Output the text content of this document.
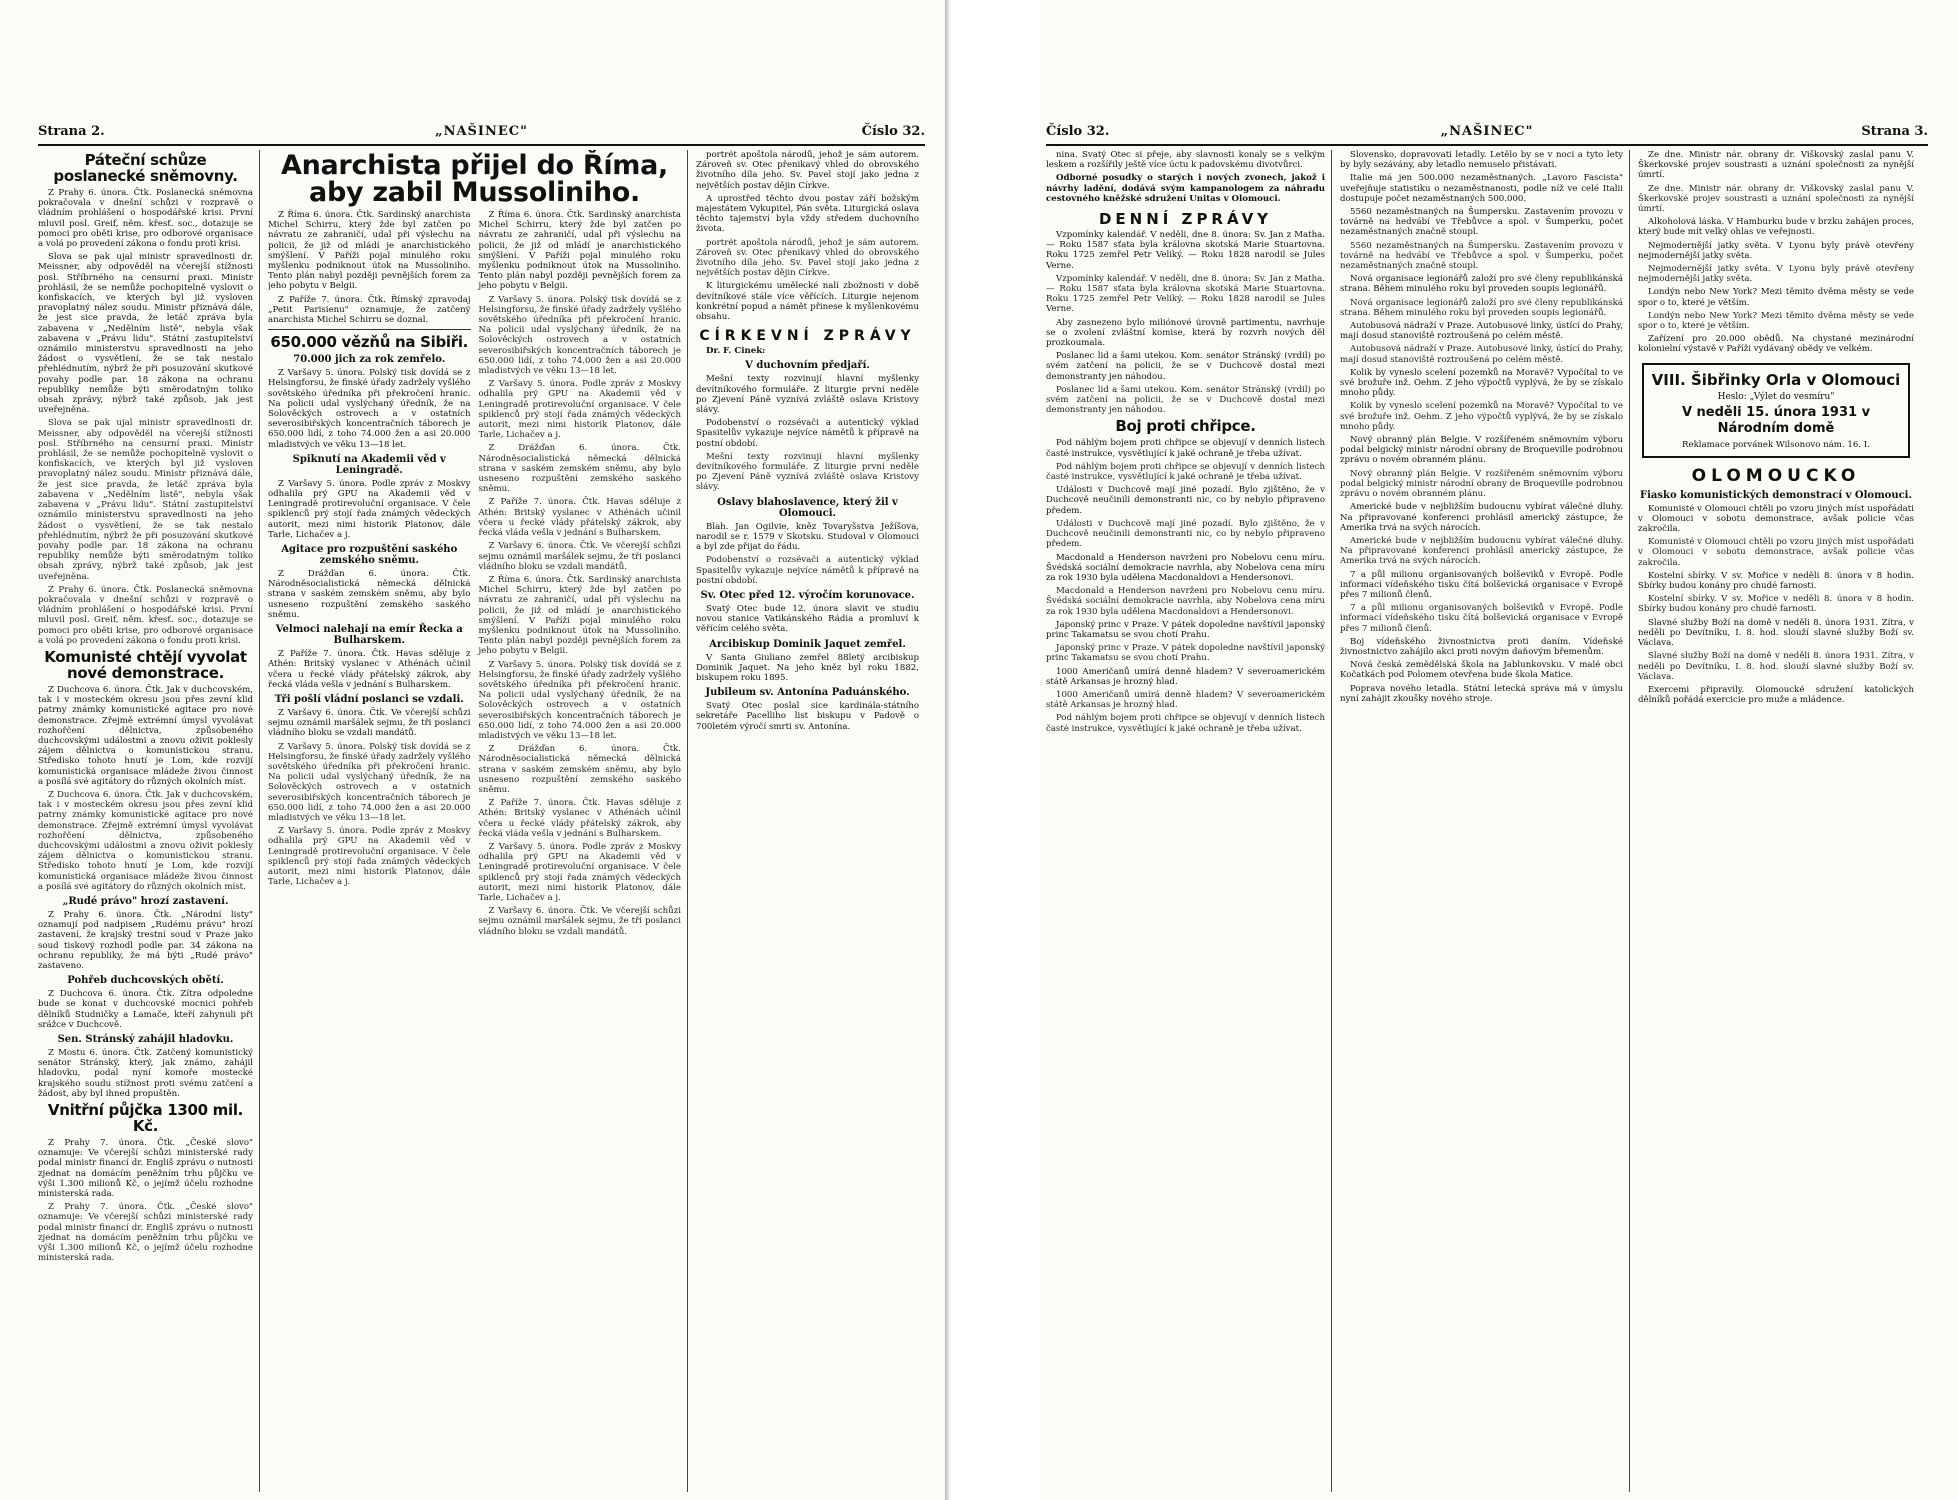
Strana 2.	„NAŠINEC"	Číslo 32.
Páteční schůze poslanecké sněmovny.

Z Prahy 6. února. Čtk. Poslanecká sněmovna pokračovala v dnešní schůzi v rozpravě o vládním prohlášení o hospodářské krisi. První mluvil posl. Greif, něm. křesť. soc., dotazuje se pomoci pro oběti krise, pro odborové organisace a volá po provedení zákona o fondu proti krisi.

Slova se pak ujal ministr spravedlnosti dr. Meissner, aby odpověděl na včerejší stížnosti posl. Stříbrného na censurní praxi. Ministr prohlásil, že se nemůže pochopitelně vyslovit o konfiskacích, ve kterých byl již vysloven pravoplatný nález soudu. Ministr přiznává dále, že jest sice pravda, že letáč zpráva byla zabavena v „Nedělním listě", nebyla však zabavena v „Právu lidu". Státní zastupitelství oznámilo ministerstvu spravedlnosti na jeho žádost o vysvětlení, že se tak nestalo přehlédnutím, nýbrž že při posuzování skutkové povahy podle par. 18 zákona na ochranu republiky nemůže býti směrodatným toliko obsah zprávy, nýbrž také způsob, jak jest uveřejněna.

Slova se pak ujal ministr spravedlnosti dr. Meissner, aby odpověděl na včerejší stížnosti posl. Stříbrného na censurní praxi. Ministr prohlásil, že se nemůže pochopitelně vyslovit o konfiskacích, ve kterých byl již vysloven pravoplatný nález soudu. Ministr přiznává dále, že jest sice pravda, že letáč zpráva byla zabavena v „Nedělním listě", nebyla však zabavena v „Právu lidu". Státní zastupitelství oznámilo ministerstvu spravedlnosti na jeho žádost o vysvětlení, že se tak nestalo přehlédnutím, nýbrž že při posuzování skutkové povahy podle par. 18 zákona na ochranu republiky nemůže býti směrodatným toliko obsah zprávy, nýbrž také způsob, jak jest uveřejněna.

Z Prahy 6. února. Čtk. Poslanecká sněmovna pokračovala v dnešní schůzi v rozpravě o vládním prohlášení o hospodářské krisi. První mluvil posl. Greif, něm. křesť. soc., dotazuje se pomoci pro oběti krise, pro odborové organisace a volá po provedení zákona o fondu proti krisi.

Komunisté chtějí vyvolat nové demonstrace.

Z Duchcova 6. února. Čtk. Jak v duchcovském, tak i v mosteckém okresu jsou přes zevní klid patrny známky komunistické agitace pro nové demonstrace. Zřejmě extrémní úmysl vyvolávat rozhořčení dělnictva, způsobeného duchcovskými událostmi a znovu oživit poklesly zájem dělnictva o komunistickou stranu. Středisko tohoto hnutí je Lom, kde rozvíjí komunistická organisace mládeže živou činnost a posílá své agitátory do různých okolních míst.

Z Duchcova 6. února. Čtk. Jak v duchcovském, tak i v mosteckém okresu jsou přes zevní klid patrny známky komunistické agitace pro nové demonstrace. Zřejmě extrémní úmysl vyvolávat rozhořčení dělnictva, způsobeného duchcovskými událostmi a znovu oživit poklesly zájem dělnictva o komunistickou stranu. Středisko tohoto hnutí je Lom, kde rozvíjí komunistická organisace mládeže živou činnost a posílá své agitátory do různých okolních míst.

„Rudé právo" hrozí zastavení.

Z Prahy 6. února. Čtk. „Národní listy" oznamují pod nadpisem „Rudému právu" hrozí zastavení, že krajský trestní soud v Praze jako soud tiskový rozhodl podle par. 34 zákona na ochranu republiky, že má býti „Rudé právo" zastaveno.

Pohřeb duchcovských obětí.

Z Duchcova 6. února. Čtk. Zítra odpoledne bude se konat v duchcovské mocnici pohřeb dělníků Studničky a Lamače, kteří zahynuli při srážce v Duchcově.

Sen. Stránský zahájil hladovku.

Z Mostu 6. února. Čtk. Zatčený komunistický senátor Stránský, který, jak známo, zahájil hladovku, podal nyní komoře mostecké krajského soudu stížnost proti svému zatčení a žádost, aby byl ihned propuštěn.

Vnitřní půjčka 1300 mil. Kč.

Z Prahy 7. února. Čtk. „České slovo" oznamuje: Ve včerejší schůzi ministerské rady podal ministr financí dr. Engliš zprávu o nutnosti zjednat na domácím peněžním trhu půjčku ve výši 1.300 milionů Kč, o jejímž účelu rozhodne ministerská rada.

Z Prahy 7. února. Čtk. „České slovo" oznamuje: Ve včerejší schůzi ministerské rady podal ministr financí dr. Engliš zprávu o nutnosti zjednat na domácím peněžním trhu půjčku ve výši 1.300 milionů Kč, o jejímž účelu rozhodne ministerská rada.

Anarchista přijel do Říma, aby zabil Mussoliniho.

Z Říma 6. února. Čtk. Sardinský anarchista Michel Schirru, který žde byl zatčen po návratu ze zahraničí, udal při výslechu na policii, že již od mládí je anarchistického smýšlení. V Paříži pojal minulého roku myšlenku podniknout útok na Mussoliniho. Tento plán nabyl později pevnějších forem za jeho pobytu v Belgii.

Z Paříže 7. února. Čtk. Římský zpravodaj „Petit Parisienu" oznamuje, že zatčený anarchista Michel Schirru se doznal.

650.000 vězňů na Sibiři.
70.000 jich za rok zemřelo.

Z Varšavy 5. února. Polský tisk dovídá se z Helsingforsu, že finské úřady zadržely vyšlého sovětského úředníka při překročení hranic. Na policii udal vyslýchaný úředník, že na Solověckých ostrovech a v ostatních severosibiřských koncentračních táborech je 650.000 lidí, z toho 74.000 žen a asi 20.000 mladistvých ve věku 13—18 let.

Spiknutí na Akademii věd v Leningradě.

Z Varšavy 5. února. Podle zpráv z Moskvy odhalila prý GPU na Akademii věd v Leningradě protirevoluční organisace. V čele spiklenců prý stojí řada známých vědeckých autorit, mezi nimi historik Platonov, dále Tarle, Lichačev a j.

Agitace pro rozpuštění saského zemského sněmu.

Z Drážďan 6. února. Čtk. Národněsocialistická německá dělnická strana v saském zemském sněmu, aby bylo usneseno rozpuštění zemského saského sněmu.

Velmoci nalehají na emír Řecka a Bulharskem.

Z Paříže 7. února. Čtk. Havas sděluje z Athén: Britský vyslanec v Athénách učinil včera u řecké vlády přátelský zákrok, aby řecká vláda vešla v jednání s Bulharskem.

Tři pošlí vládní poslanci se vzdali.

Z Varšavy 6. února. Čtk. Ve včerejší schůzi sejmu oznámil maršálek sejmu, že tři poslanci vládního bloku se vzdali mandátů.

Z Varšavy 5. února. Polský tisk dovídá se z Helsingforsu, že finské úřady zadržely vyšlého sovětského úředníka při překročení hranic. Na policii udal vyslýchaný úředník, že na Solověckých ostrovech a v ostatních severosibiřských koncentračních táborech je 650.000 lidí, z toho 74.000 žen a asi 20.000 mladistvých ve věku 13—18 let.

Z Varšavy 5. února. Podle zpráv z Moskvy odhalila prý GPU na Akademii věd v Leningradě protirevoluční organisace. V čele spiklenců prý stojí řada známých vědeckých autorit, mezi nimi historik Platonov, dále Tarle, Lichačev a j.

Z Říma 6. února. Čtk. Sardinský anarchista Michel Schirru, který žde byl zatčen po návratu ze zahraničí, udal při výslechu na policii, že již od mládí je anarchistického smýšlení. V Paříži pojal minulého roku myšlenku podniknout útok na Mussoliniho. Tento plán nabyl později pevnějších forem za jeho pobytu v Belgii.

Z Varšavy 5. února. Polský tisk dovídá se z Helsingforsu, že finské úřady zadržely vyšlého sovětského úředníka při překročení hranic. Na policii udal vyslýchaný úředník, že na Solověckých ostrovech a v ostatních severosibiřských koncentračních táborech je 650.000 lidí, z toho 74.000 žen a asi 20.000 mladistvých ve věku 13—18 let.

Z Varšavy 5. února. Podle zpráv z Moskvy odhalila prý GPU na Akademii věd v Leningradě protirevoluční organisace. V čele spiklenců prý stojí řada známých vědeckých autorit, mezi nimi historik Platonov, dále Tarle, Lichačev a j.

Z Drážďan 6. února. Čtk. Národněsocialistická německá dělnická strana v saském zemském sněmu, aby bylo usneseno rozpuštění zemského saského sněmu.

Z Paříže 7. února. Čtk. Havas sděluje z Athén: Britský vyslanec v Athénách učinil včera u řecké vlády přátelský zákrok, aby řecká vláda vešla v jednání s Bulharskem.

Z Varšavy 6. února. Čtk. Ve včerejší schůzi sejmu oznámil maršálek sejmu, že tři poslanci vládního bloku se vzdali mandátů.

Z Říma 6. února. Čtk. Sardinský anarchista Michel Schirru, který žde byl zatčen po návratu ze zahraničí, udal při výslechu na policii, že již od mládí je anarchistického smýšlení. V Paříži pojal minulého roku myšlenku podniknout útok na Mussoliniho. Tento plán nabyl později pevnějších forem za jeho pobytu v Belgii.

Z Varšavy 5. února. Polský tisk dovídá se z Helsingforsu, že finské úřady zadržely vyšlého sovětského úředníka při překročení hranic. Na policii udal vyslýchaný úředník, že na Solověckých ostrovech a v ostatních severosibiřských koncentračních táborech je 650.000 lidí, z toho 74.000 žen a asi 20.000 mladistvých ve věku 13—18 let.

Z Drážďan 6. února. Čtk. Národněsocialistická německá dělnická strana v saském zemském sněmu, aby bylo usneseno rozpuštění zemského saského sněmu.

Z Paříže 7. února. Čtk. Havas sděluje z Athén: Britský vyslanec v Athénách učinil včera u řecké vlády přátelský zákrok, aby řecká vláda vešla v jednání s Bulharskem.

Z Varšavy 5. února. Podle zpráv z Moskvy odhalila prý GPU na Akademii věd v Leningradě protirevoluční organisace. V čele spiklenců prý stojí řada známých vědeckých autorit, mezi nimi historik Platonov, dále Tarle, Lichačev a j.

Z Varšavy 6. února. Čtk. Ve včerejší schůzi sejmu oznámil maršálek sejmu, že tři poslanci vládního bloku se vzdali mandátů.

portrét apoštola národů, jehož je sám autorem. Zároveň sv. Otec přenikavý vhled do obrovského životního díla jeho. Sv. Pavel stojí jako jedna z největších postav dějin Církve.

A uprostřed těchto dvou postav září božským majestátem Vykupitel, Pán světa. Liturgická oslava těchto tajemství byla vždy středem duchovního života.

portrét apoštola národů, jehož je sám autorem. Zároveň sv. Otec přenikavý vhled do obrovského životního díla jeho. Sv. Pavel stojí jako jedna z největších postav dějin Církve.

K liturgickému umělecké nalí zbožnosti v době devítníkové stále více věřících. Liturgie nejenom konkrétní popud a námět přinese k myšlenkovému obsahu.

CÍRKEVNÍ ZPRÁVY

Dr. F. Cinek:

V duchovním předjaří.

Mešní texty rozvinují hlavní myšlenky devítníkového formuláře. Z liturgie první neděle po Zjevení Páně vyznívá zvláště oslava Kristovy slávy.

Podobenství o rozsévači a autentický výklad Spasitelův vykazuje nejvíce námětů k přípravě na postní období.

Mešní texty rozvinují hlavní myšlenky devítníkového formuláře. Z liturgie první neděle po Zjevení Páně vyznívá zvláště oslava Kristovy slávy.

Oslavy blahoslavence, který žil v Olomouci.

Blah. Jan Ogilvie, kněz Tovaryšstva Ježíšova, narodil se r. 1579 v Skotsku. Studoval v Olomouci a byl zde přijat do řádu.

Podobenství o rozsévači a autentický výklad Spasitelův vykazuje nejvíce námětů k přípravě na postní období.

Sv. Otec před 12. výročím korunovace.

Svatý Otec bude 12. února slavit ve studiu novou stanice Vatikánského Rádia a promluví k věřícím celého světa.

Arcibiskup Dominik Jaquet zemřel.

V Santa Giuliano zemřel 88letý arcibiskup Dominik Jaquet. Na jeho kněz byl roku 1882, biskupem roku 1895.

Jubileum sv. Antonína Paduánského.

Svatý Otec poslal sice kardinála-státního sekretáře Pacelliho list biskupu v Padově o 700letém výročí smrti sv. Antonína.

Číslo 32.	„NAŠINEC"	Strana 3.

nina. Svatý Otec si přeje, aby slavnosti konaly se s velkým leskem a rozšířily ještě více úctu k padovskému divotvůrci.

Odborné posudky o starých i nových zvonech, jakož i návrhy ladění, dodává svým kampanologem za náhradu cestovného kněžské sdružení Unitas v Olomouci.

DENNÍ ZPRÁVY

Vzpomínky kalendář. V neděli, dne 8. února: Sv. Jan z Matha. — Roku 1587 sťata byla královna skotská Marie Stuartovna. Roku 1725 zemřel Petr Veliký. — Roku 1828 narodil se Jules Verne.

Vzpomínky kalendář. V neděli, dne 8. února: Sv. Jan z Matha. — Roku 1587 sťata byla královna skotská Marie Stuartovna. Roku 1725 zemřel Petr Veliký. — Roku 1828 narodil se Jules Verne.

Aby zasnezeno bylo miliónové úrovně partimentu, navrhuje se o zvolení zvláštní komise, která by rozvrh nových děl prozkoumala.

Poslanec lid a šami utekou. Kom. senátor Stránský (vrdil) po svém zatčení na policii, že se v Duchcově dostal mezi demonstranty jen náhodou.

Poslanec lid a šami utekou. Kom. senátor Stránský (vrdil) po svém zatčení na policii, že se v Duchcově dostal mezi demonstranty jen náhodou.

Boj proti chřipce.

Pod náhlým bojem proti chřipce se objevují v denních listech časté instrukce, vysvětlující k jaké ochraně je třeba užívat.

Pod náhlým bojem proti chřipce se objevují v denních listech časté instrukce, vysvětlující k jaké ochraně je třeba užívat.

Události v Duchcově mají jiné pozadí. Bylo zjištěno, že v Duchcově neučinili demonstranti nic, co by nebylo připraveno předem.

Události v Duchcově mají jiné pozadí. Bylo zjištěno, že v Duchcově neučinili demonstranti nic, co by nebylo připraveno předem.

Macdonald a Henderson navrženi pro Nobelovu cenu míru. Švédská sociální demokracie navrhla, aby Nobelova cena míru za rok 1930 byla udělena Macdonaldovi a Hendersonovi.

Macdonald a Henderson navrženi pro Nobelovu cenu míru. Švédská sociální demokracie navrhla, aby Nobelova cena míru za rok 1930 byla udělena Macdonaldovi a Hendersonovi.

Japonský princ v Praze. V pátek dopoledne navštívil japonský princ Takamatsu se svou chotí Prahu.

Japonský princ v Praze. V pátek dopoledne navštívil japonský princ Takamatsu se svou chotí Prahu.

1000 Američanů umírá denně hladem? V severoamerickém státě Arkansas je hrozný hlad.

1000 Američanů umírá denně hladem? V severoamerickém státě Arkansas je hrozný hlad.

Pod náhlým bojem proti chřipce se objevují v denních listech časté instrukce, vysvětlující k jaké ochraně je třeba užívat.

Slovensko, dopravovati letadly. Letělo by se v noci a tyto lety by byly sezávány, aby letadlo nemuselo přistávati.

Italie má jen 500.000 nezaměstnaných. „Lavoro Fascista" uveřejňuje statistiku o nezaměstnanosti, podle níž ve celé Italii dostupuje počet nezaměstnaných 500.000.

5560 nezaměstnaných na Šumpersku. Zastavením provozu v továrně na hedvábí ve Třebůvce a spol. v Šumperku, počet nezaměstnaných značně stoupl.

5560 nezaměstnaných na Šumpersku. Zastavením provozu v továrně na hedvábí ve Třebůvce a spol. v Šumperku, počet nezaměstnaných značně stoupl.

Nová organisace legionářů založí pro své členy republikánská strana. Během minulého roku byl proveden soupis legionářů.

Nová organisace legionářů založí pro své členy republikánská strana. Během minulého roku byl proveden soupis legionářů.

Autobusová nádraží v Praze. Autobusové linky, ústící do Prahy, mají dosud stanoviště roztroušená po celém městě.

Autobusová nádraží v Praze. Autobusové linky, ústící do Prahy, mají dosud stanoviště roztroušená po celém městě.

Kolik by vyneslo scelení pozemků na Moravě? Vypočítal to ve své brožuře inž. Oehm. Z jeho výpočtů vyplývá, že by se získalo mnoho půdy.

Kolik by vyneslo scelení pozemků na Moravě? Vypočítal to ve své brožuře inž. Oehm. Z jeho výpočtů vyplývá, že by se získalo mnoho půdy.

Nový obranný plán Belgie. V rozšířeném sněmovním výboru podal belgický ministr národní obrany de Broqueville podrobnou zprávu o novém obranném plánu.

Nový obranný plán Belgie. V rozšířeném sněmovním výboru podal belgický ministr národní obrany de Broqueville podrobnou zprávu o novém obranném plánu.

Americké bude v nejbližším budoucnu vybírat válečné dluhy. Na připravované konferenci prohlásil americký zástupce, že Amerika trvá na svých nárocích.

Americké bude v nejbližším budoucnu vybírat válečné dluhy. Na připravované konferenci prohlásil americký zástupce, že Amerika trvá na svých nárocích.

7 a půl milionu organisovaných bolševiků v Evropě. Podle informací vídeňského tisku čítá bolševická organisace v Evropě přes 7 milionů členů.

7 a půl milionu organisovaných bolševiků v Evropě. Podle informací vídeňského tisku čítá bolševická organisace v Evropě přes 7 milionů členů.

Boj vídeňského živnostnictva proti daním. Vídeňské živnostnictvo zahájilo akci proti novým daňovým břemenům.

Nová česká zemědělská škola na Jablunkovsku. V malé obci Kočatkách pod Polomem otevřena bude škola Matice.

Poprava nového letadla. Státní letecká správa má v úmyslu nyní zahájit zkoušky nového stroje.

Ze dne. Ministr nár. obrany dr. Viškovský zaslal panu V. Škerkovské projev soustrasti a uznání společnosti za nynější úmrtí.

Ze dne. Ministr nár. obrany dr. Viškovský zaslal panu V. Škerkovské projev soustrasti a uznání společnosti za nynější úmrtí.

Alkoholová láska. V Hamburku bude v brzku zahájen proces, který bude mít velký ohlas ve veřejnosti.

Nejmodernější jatky světa. V Lyonu byly právě otevřeny nejmodernější jatky světa.

Nejmodernější jatky světa. V Lyonu byly právě otevřeny nejmodernější jatky světa.

Londýn nebo New York? Mezi těmito dvěma městy se vede spor o to, které je větším.

Londýn nebo New York? Mezi těmito dvěma městy se vede spor o to, které je větším.

Zařízení pro 20.000 obědů. Na chystané mezinárodní kolonielní výstavě v Paříži vydávaný obědy ve velkém.

VIII. Šibřinky Orla v Olomouci
Heslo: „Výlet do vesmíru"
V neděli 15. února 1931 v Národním domě
Reklamace porvánek Wilsonovo nám. 16. I.
OLOMOUCKO
Fiasko komunistických demonstrací v Olomouci.

Komunisté v Olomouci chtěli po vzoru jiných míst uspořádati v Olomouci v sobotu demonstrace, avšak policie včas zakročila.

Komunisté v Olomouci chtěli po vzoru jiných míst uspořádati v Olomouci v sobotu demonstrace, avšak policie včas zakročila.

Kostelní sbírky. V sv. Mořice v neděli 8. února v 8 hodin. Sbírky budou konány pro chudé farnosti.

Kostelní sbírky. V sv. Mořice v neděli 8. února v 8 hodin. Sbírky budou konány pro chudé farnosti.

Slavné služby Boží na domě v neděli 8. února 1931. Zítra, v neděli po Devítníku, I. 8. hod. slouží slavné služby Boží sv. Václava.

Slavné služby Boží na domě v neděli 8. února 1931. Zítra, v neděli po Devítníku, I. 8. hod. slouží slavné služby Boží sv. Václava.

Exercemi připravily. Olomoucké sdružení katolických dělníků pořádá exercicie pro muže a mládence.
